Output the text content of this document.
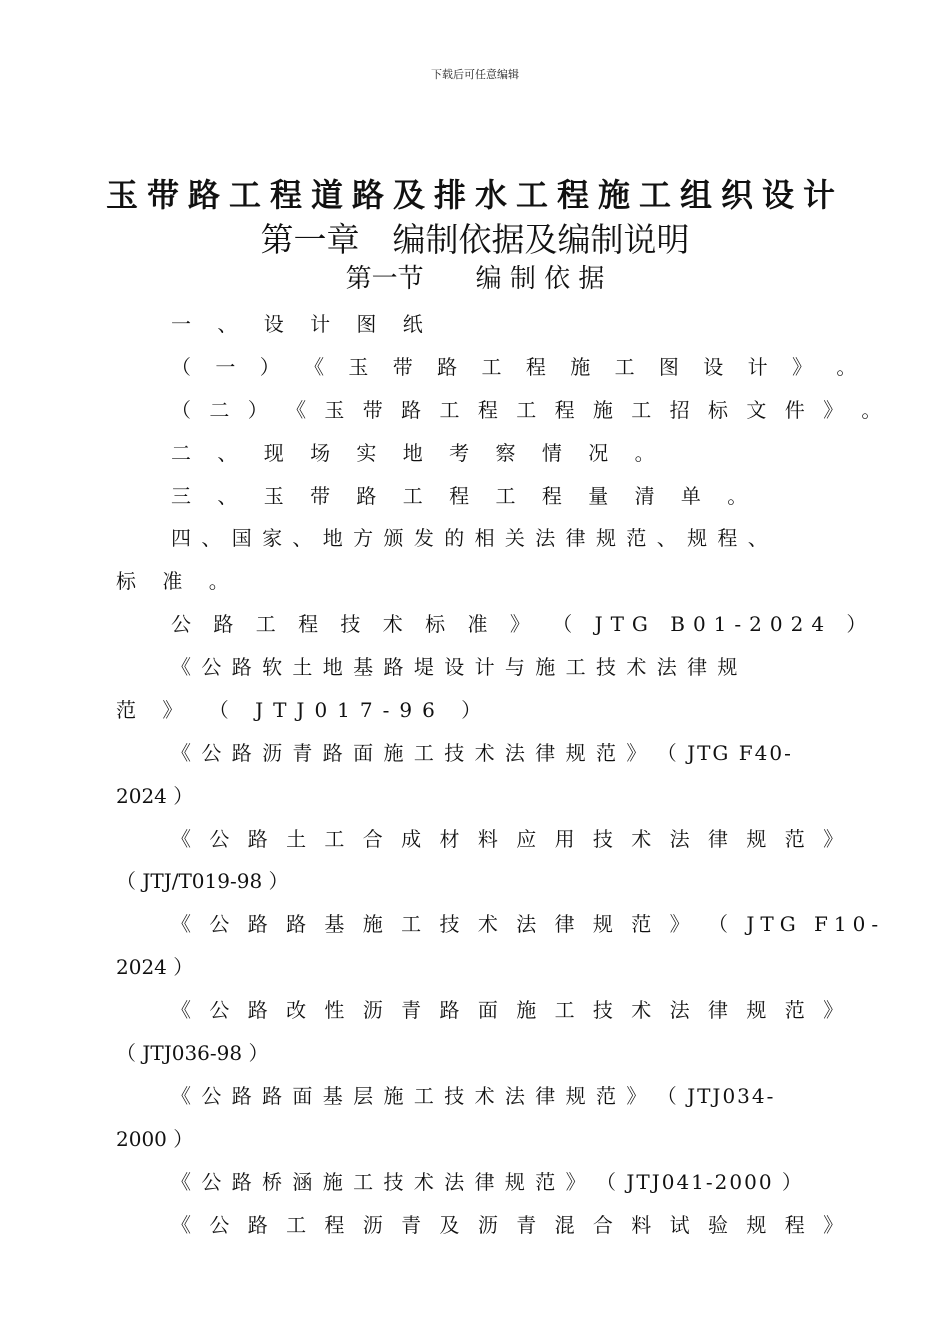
下载后可任意编辑
玉带路工程道路及排水工程施工组织设计
第一章　编制依据及编制说明
第一节　　编 制 依 据
一 、 设 计 图 纸
（ 一 ） 《 玉 带 路 工 程 施 工 图 设 计 》 。
（ 二 ） 《 玉 带 路 工 程 工 程 施 工 招 标 文 件 》 。
二 、 现 场 实 地 考 察 情 况 。
三 、 玉 带 路 工 程 工 程 量 清 单 。
四 、 国 家 、 地 方 颁 发 的 相 关 法 律 规 范 、 规 程 、
标 准 。
公 路 工 程 技 术 标 准 》 （ JTG B01-2024 ）
《 公 路 软 土 地 基 路 堤 设 计 与 施 工 技 术 法 律 规
范 》 （ JTJ017-96 ）
《 公 路 沥 青 路 面 施 工 技 术 法 律 规 范 》 （ JTG F40-
2024 ）
《 公 路 土 工 合 成 材 料 应 用 技 术 法 律 规 范 》
（ JTJ/T019-98 ）
《 公 路 路 基 施 工 技 术 法 律 规 范 》 （ JTG F10-
2024 ）
《 公 路 改 性 沥 青 路 面 施 工 技 术 法 律 规 范 》
（ JTJ036-98 ）
《 公 路 路 面 基 层 施 工 技 术 法 律 规 范 》 （ JTJ034-
2000 ）
《 公 路 桥 涵 施 工 技 术 法 律 规 范 》 （ JTJ041-2000 ）
《 公 路 工 程 沥 青 及 沥 青 混 合 料 试 验 规 程 》
